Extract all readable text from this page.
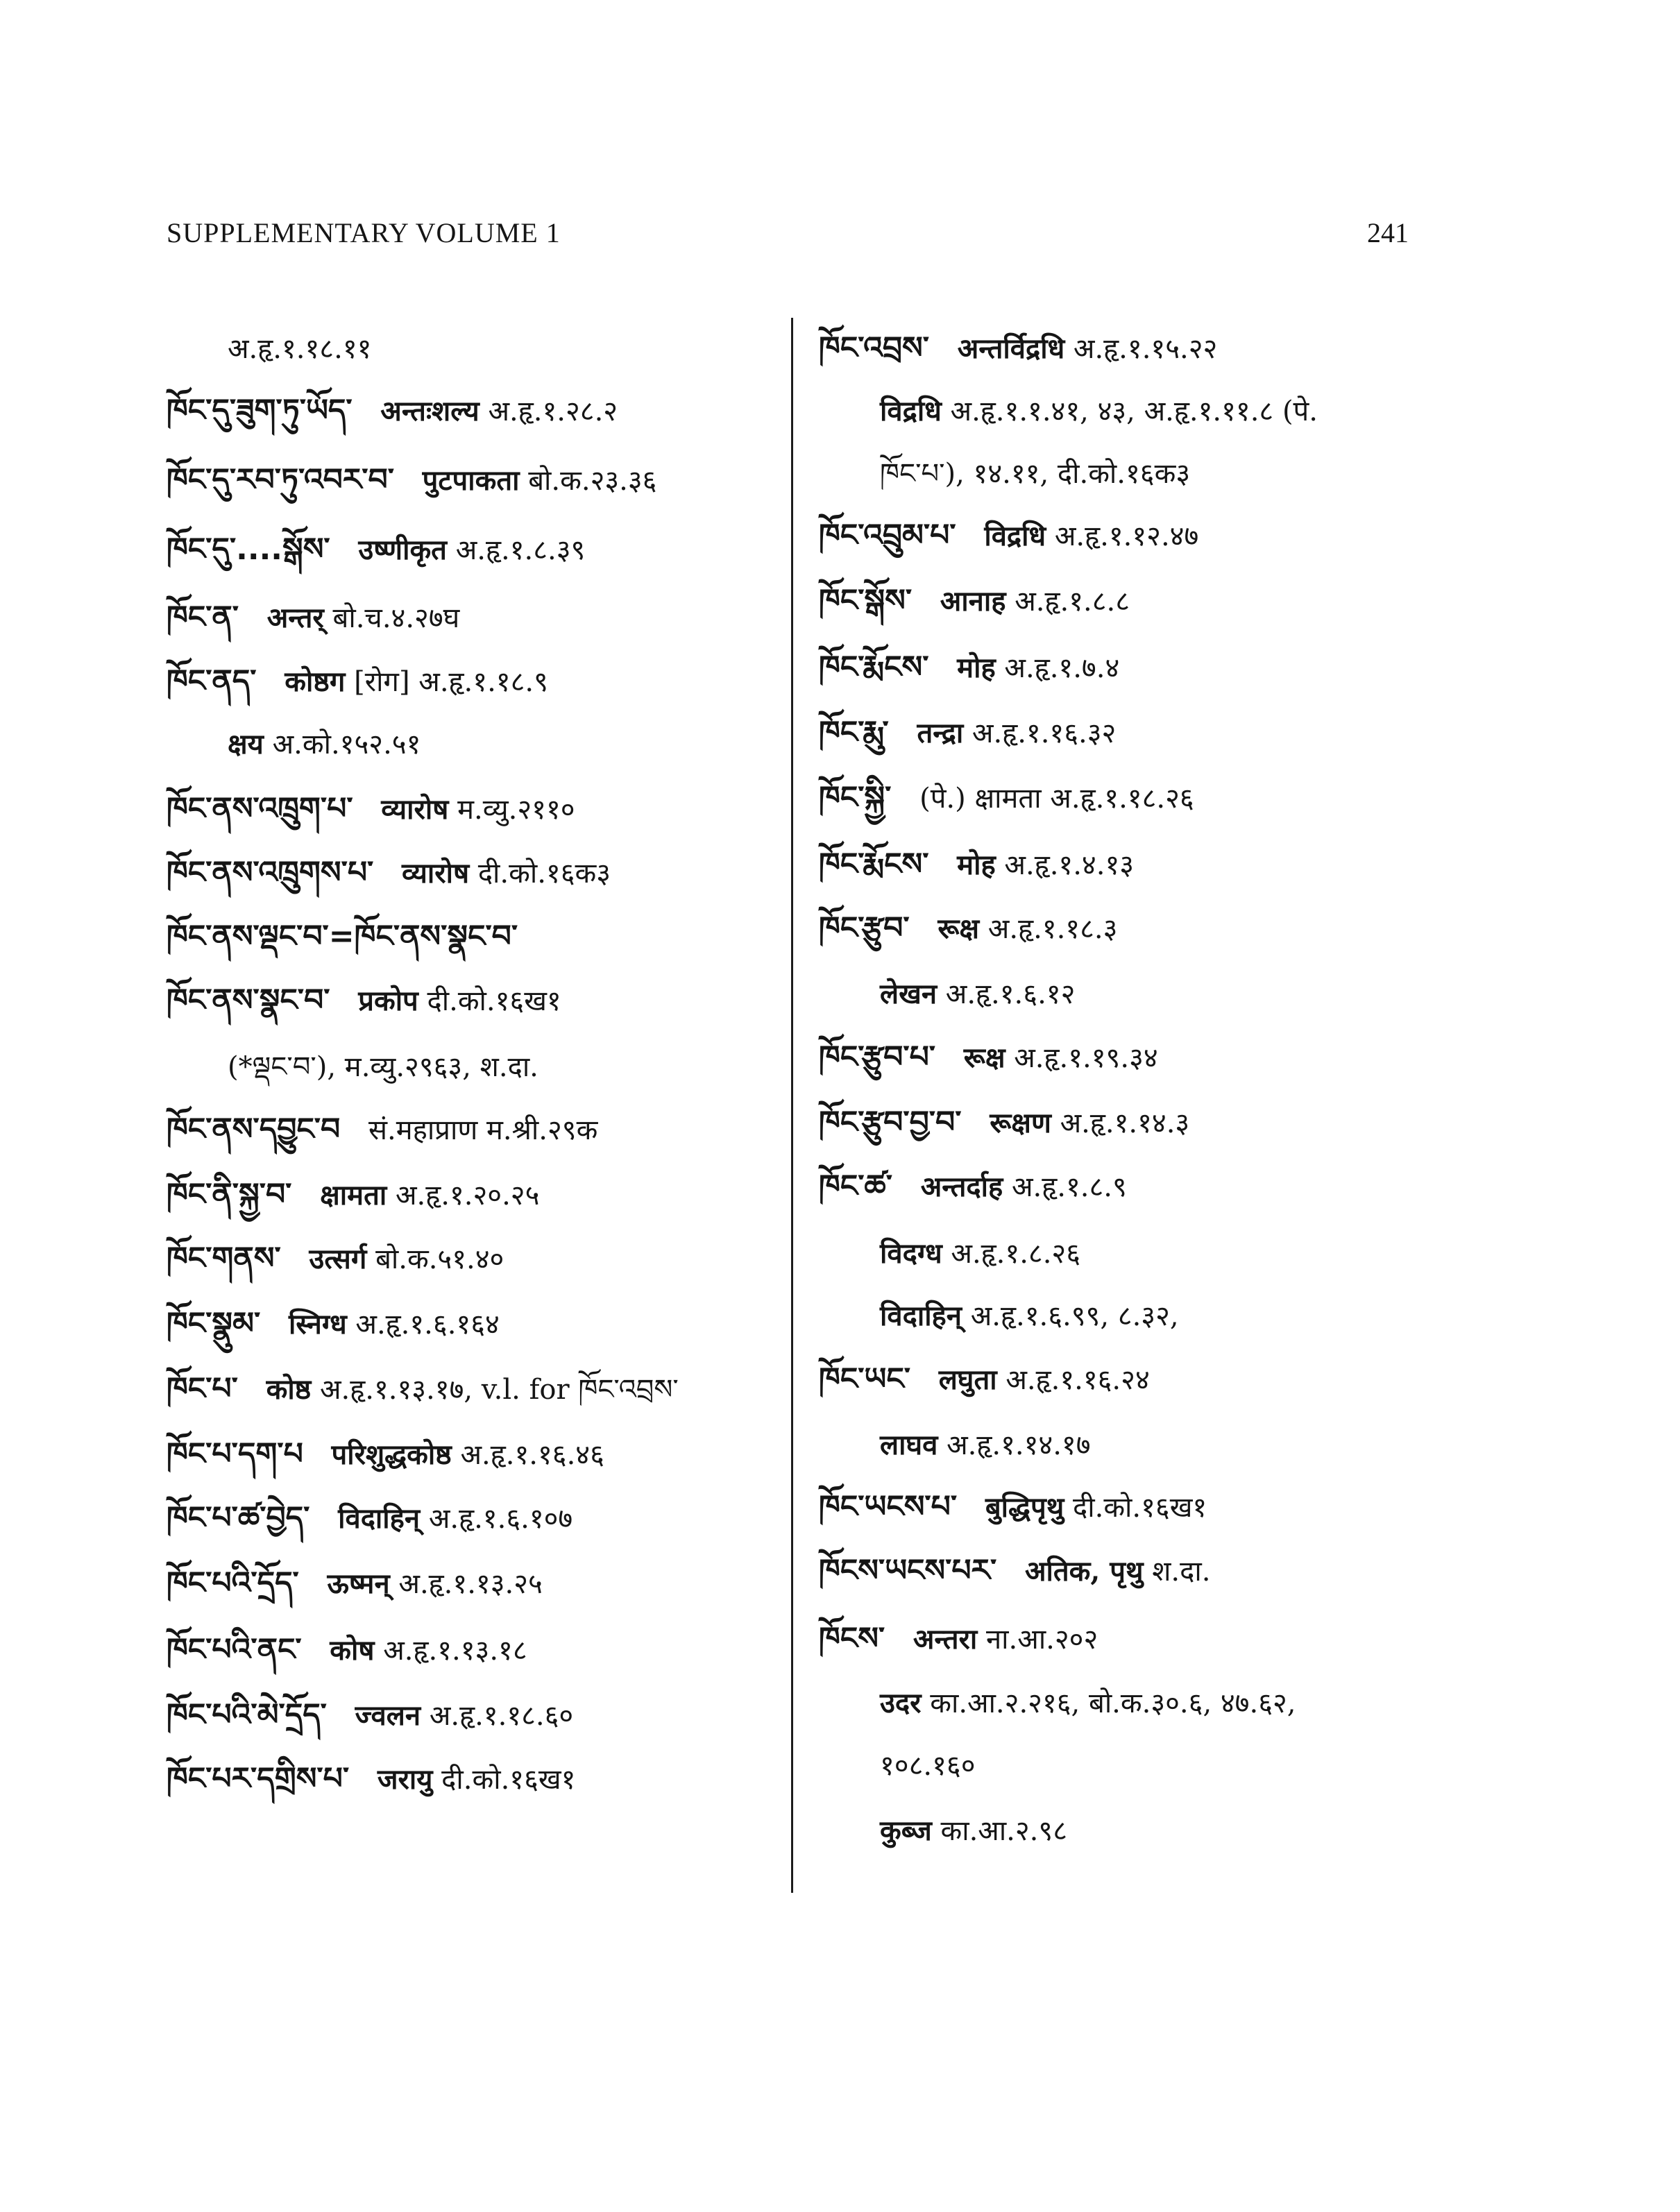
SUPPLEMENTARY VOLUME 1	241
अ.हृ.१.१८.११
ཁོང་དུ་ཟུག་ཏུ་ཡོད་ अन्तःशल्य अ.हृ.१.२८.२
ཁོང་དུ་རབ་ཏུ་འབར་བ་ पुटपाकता बो.क.२३.३६
ཁོང་དུ་....སྒོས་ उष्णीकृत अ.हृ.१.८.३९
ཁོང་ན་ अन्तर् बो.च.४.२७घ
ཁོང་ནད་ कोष्ठग [रोग] अ.हृ.१.१८.९
क्षय अ.को.१५२.५१
ཁོང་ནས་འཁྲུག་པ་ व्यारोष म.व्यु.२११०
ཁོང་ནས་འཁྲུགས་པ་ व्यारोष दी.को.१६क३
ཁོང་ནས་ལྡང་བ་=ཁོང་ནས་སྣང་བ་
ཁོང་ནས་སྣང་བ་ प्रकोप दी.को.१६ख१
(*ལྡང་བ་), म.व्यु.२९६३, श.दा.
ཁོང་ནས་དབྱུང་བ सं.महाप्राण म.श्री.२९क
ཁོང་ནི་སྐྱ་བ་ क्षामता अ.हृ.१.२०.२५
ཁོང་གནས་ उत्सर्ग बो.क.५१.४०
ཁོང་སྣུམ་ स्निग्ध अ.हृ.१.६.१६४
ཁོང་པ་ कोष्ठ अ.हृ.१.१३.१७, v.l. for ཁོང་འབྲས་
ཁོང་པ་དག་པ परिशुद्धकोष्ठ अ.हृ.१.१६.४६
ཁོང་པ་ཚ་བྱེད་ विदाहिन् अ.हृ.१.६.१०७
ཁོང་པའི་དྲོད་ ऊष्मन् अ.हृ.१.१३.२५
ཁོང་པའི་ནང་ कोष अ.हृ.१.१३.१८
ཁོང་པའི་མེ་དྲོད་ ज्वलन अ.हृ.१.१८.६०
ཁོང་པར་དགྲིས་པ་ जरायु दी.को.१६ख१
ཁོང་འབྲས་ अन्तर्विद्रधि अ.हृ.१.१५.२२
विद्रधि अ.हृ.१.१.४१, ४३, अ.हृ.१.११.८ (पे.
ཁོང་པ་), १४.११, दी.को.१६क३
ཁོང་འབྲུམ་པ་ विद्रधि अ.हृ.१.१२.४७
ཁོང་སྒོས་ आनाह अ.हृ.१.८.८
ཁོང་རྨོངས་ मोह अ.हृ.१.७.४
ཁོང་རྨུ་ तन्द्रा अ.हृ.१.१६.३२
ཁོང་སྐྱི་ (पे.) क्षामता अ.हृ.१.१८.२६
ཁོང་རྨོངས་ मोह अ.हृ.१.४.१३
ཁོང་རྩུབ་ रूक्ष अ.हृ.१.१८.३
लेखन अ.हृ.१.६.१२
ཁོང་རྩུབ་པ་ रूक्ष अ.हृ.१.१९.३४
ཁོང་རྩུབ་བྱ་བ་ रूक्षण अ.हृ.१.१४.३
ཁོང་ཚ་ अन्तर्दाह अ.हृ.१.८.९
विदग्ध अ.हृ.१.८.२६
विदाहिन् अ.हृ.१.६.९९, ८.३२,
ཁོང་ཡང་ लघुता अ.हृ.१.१६.२४
लाघव अ.हृ.१.१४.१७
ཁོང་ཡངས་པ་ बुद्धिपृथु दी.को.१६ख१
ཁོངས་ཡངས་པར་ अतिक, पृथु श.दा.
ཁོངས་ अन्तरा ना.आ.२०२
उदर का.आ.२.२१६, बो.क.३०.६, ४७.६२,
१०८.१६०
कुब्ज का.आ.२.९८
